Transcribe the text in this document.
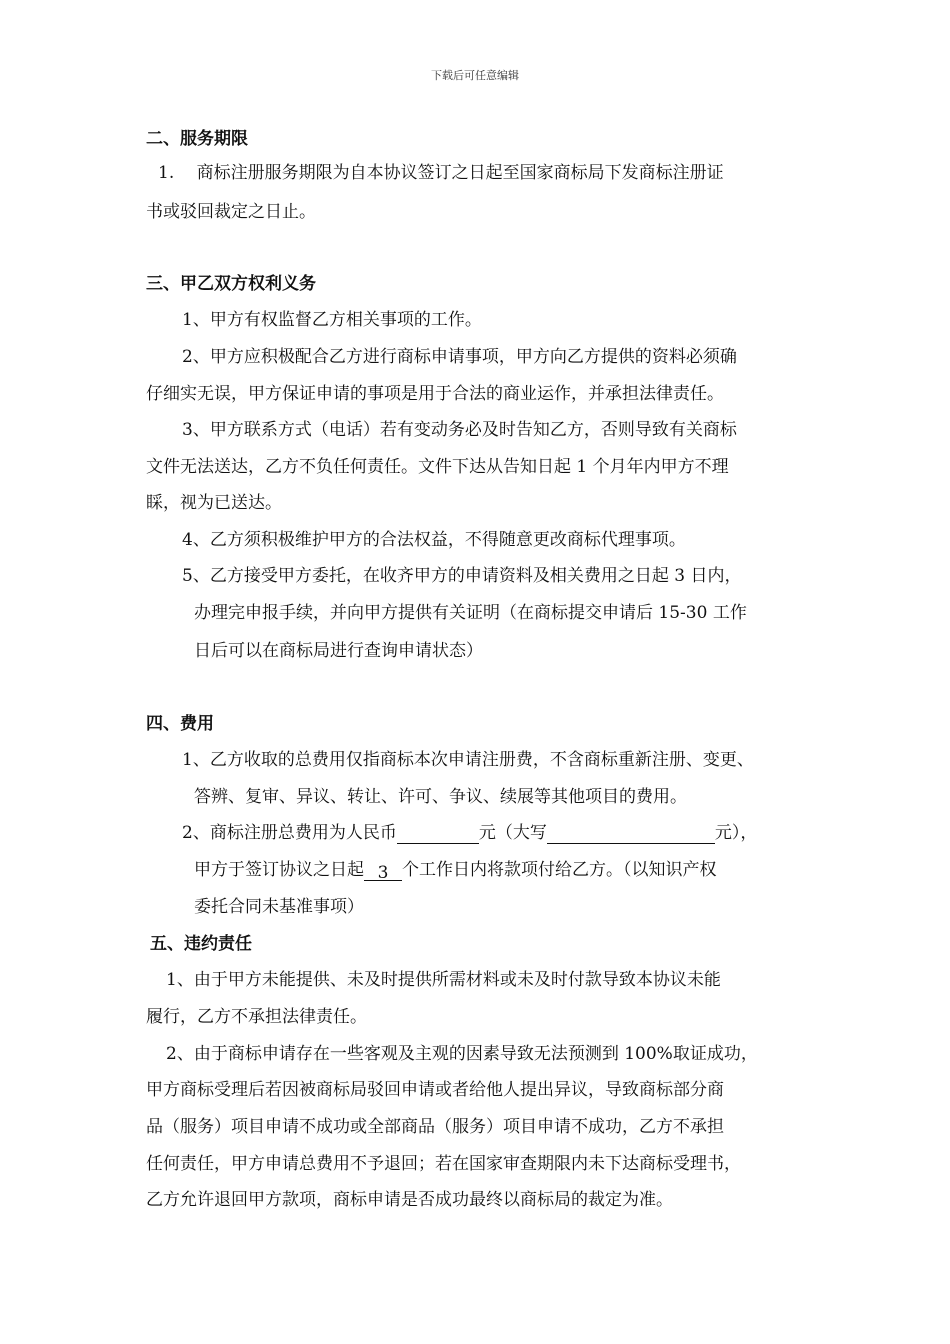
下载后可任意编辑
二、服务期限
1.　 商标注册服务期限为自本协议签订之日起至国家商标局下发商标注册证
书或驳回裁定之日止。
三、甲乙双方权利义务
1、甲方有权监督乙方相关事项的工作。
2、甲方应积极配合乙方进行商标申请事项，甲方向乙方提供的资料必须确
仔细实无误，甲方保证申请的事项是用于合法的商业运作，并承担法律责任。
3、甲方联系方式（电话）若有变动务必及时告知乙方，否则导致有关商标
文件无法送达，乙方不负任何责任。文件下达从告知日起 1 个月年内甲方不理
睬，视为已送达。
4、乙方须积极维护甲方的合法权益，不得随意更改商标代理事项。
5、乙方接受甲方委托，在收齐甲方的申请资料及相关费用之日起 3 日内，
办理完申报手续，并向甲方提供有关证明（在商标提交申请后 15-30 工作
日后可以在商标局进行查询申请状态）
四、费用
1、乙方收取的总费用仅指商标本次申请注册费，不含商标重新注册、变更、
答辨、复审、异议、转让、许可、争议、续展等其他项目的费用。
2、商标注册总费用为人民币	元（大写	元），
甲方于签订协议之日起 3 个工作日内将款项付给乙方。（以知识产权
委托合同未基准事项）
五、违约责任
1、由于甲方未能提供、未及时提供所需材料或未及时付款导致本协议未能
履行，乙方不承担法律责任。
2、由于商标申请存在一些客观及主观的因素导致无法预测到 100%取证成功，
甲方商标受理后若因被商标局驳回申请或者给他人提出异议，导致商标部分商
品（服务）项目申请不成功或全部商品（服务）项目申请不成功，乙方不承担
任何责任，甲方申请总费用不予退回；若在国家审查期限内未下达商标受理书，
乙方允许退回甲方款项，商标申请是否成功最终以商标局的裁定为准。
